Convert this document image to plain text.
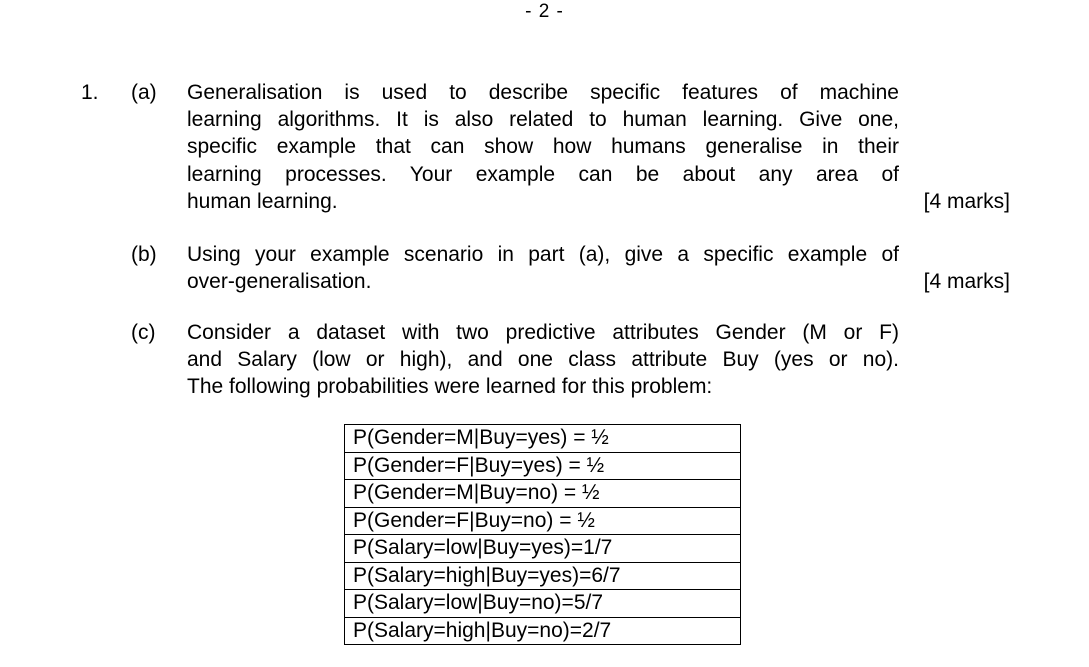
- 2 -
1. (a) Generalisation is used to describe specific features of machine
learning algorithms. It is also related to human learning. Give one,
specific example that can show how humans generalise in their
learning processes. Your example can be about any area of
human learning.	[4 marks]
(b) Using your example scenario in part (a), give a specific example of
over-generalisation.	[4 marks]
(c) Consider a dataset with two predictive attributes Gender (M or F)
and Salary (low or high), and one class attribute Buy (yes or no).
The following probabilities were learned for this problem:
P(Gender=M|Buy=yes) = ½
P(Gender=F|Buy=yes) = ½
P(Gender=M|Buy=no) = ½
P(Gender=F|Buy=no) = ½
P(Salary=low|Buy=yes)=1/7
P(Salary=high|Buy=yes)=6/7
P(Salary=low|Buy=no)=5/7
P(Salary=high|Buy=no)=2/7
